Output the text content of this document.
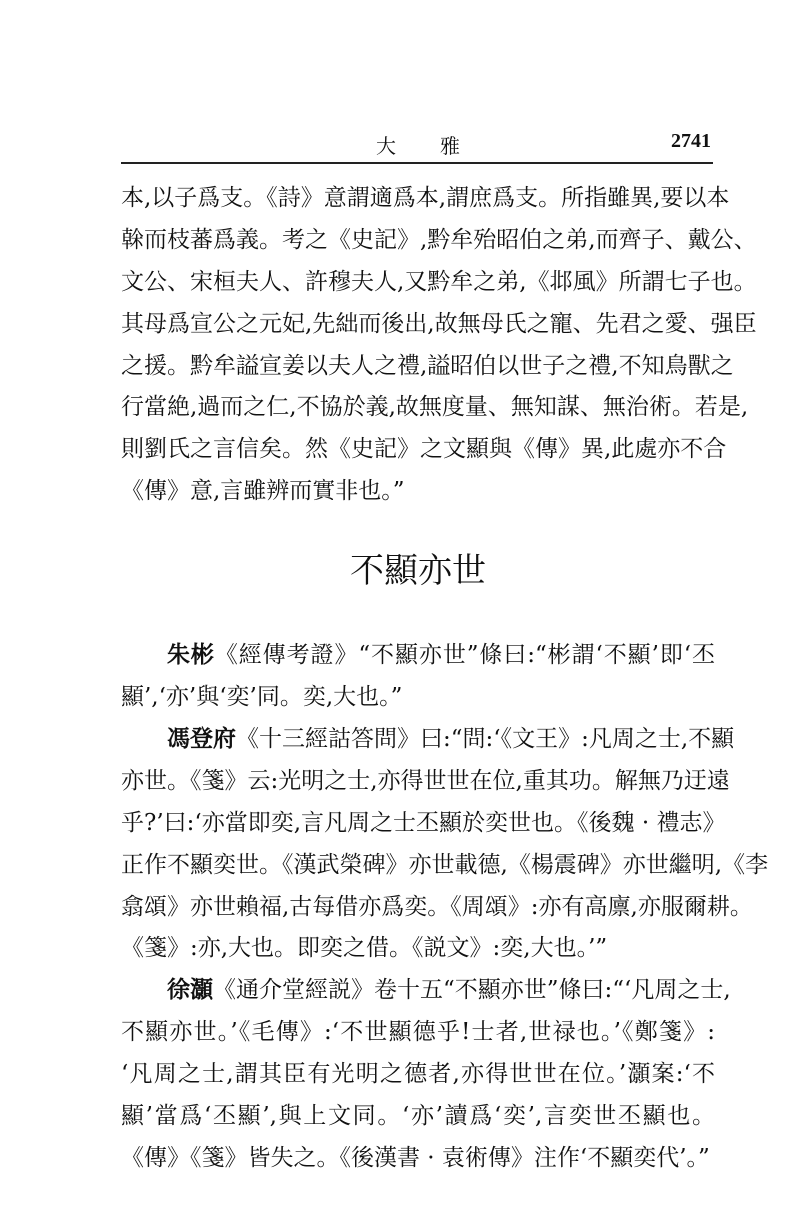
大雅	2741
本,以子爲支。《詩》意謂適爲本,謂庶爲支。所指雖異,要以本
榦而枝蕃爲義。考之《史記》,黔牟殆昭伯之弟,而齊子、戴公、
文公、宋桓夫人、許穆夫人,又黔牟之弟,《邶風》所謂七子也。
其母爲宣公之元妃,先絀而後出,故無母氏之寵、先君之愛、强臣
之援。黔牟謚宣姜以夫人之禮,謚昭伯以世子之禮,不知鳥獸之
行當絶,過而之仁,不協於義,故無度量、無知謀、無治術。若是,
則劉氏之言信矣。然《史記》之文顯與《傳》異,此處亦不合
《傳》意,言雖辨而實非也。”
不顯亦世
朱彬《經傳考證》“不顯亦世”條曰:“彬謂‘不顯’即‘丕
顯’,‘亦’與‘奕’同。奕,大也。”
馮登府《十三經詁答問》曰:“問:‘《文王》:凡周之士,不顯
亦世。《箋》云:光明之士,亦得世世在位,重其功。解無乃迂遠
乎?’曰:‘亦當即奕,言凡周之士丕顯於奕世也。《後魏 · 禮志》
正作不顯奕世。《漢武榮碑》亦世載德,《楊震碑》亦世繼明,《李
翕頌》亦世賴福,古每借亦爲奕。《周頌》:亦有高廪,亦服爾耕。
《箋》:亦,大也。即奕之借。《説文》:奕,大也。’”
徐灝《通介堂經説》卷十五“不顯亦世”條曰:“‘凡周之士,
不顯亦世。’《毛傳》:‘不世顯德乎!士者,世禄也。’《鄭箋》:
‘凡周之士,謂其臣有光明之德者,亦得世世在位。’灝案:‘不
顯’當爲‘丕顯’,與上文同。‘亦’讀爲‘奕’,言奕世丕顯也。
《傳》《箋》皆失之。《後漢書 · 袁術傳》注作‘不顯奕代’。”
